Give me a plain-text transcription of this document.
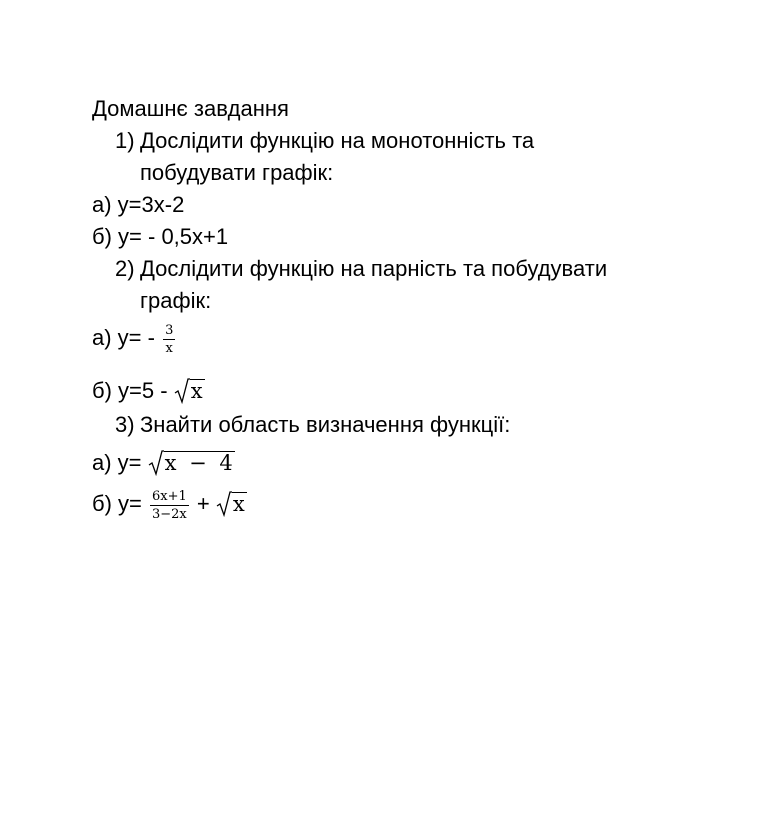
Домашнє завдання
1) Дослідити функцію на монотонність та
побудувати графік:
а) y=3x-2
б) y= - 0,5x+1
2) Дослідити функцію на парність та побудувати
графік:
а) $y= - \frac{3}{x}$
б) y=5 - x
3) Знайти область визначення функції:
а) y= x − 4
б) $y= \frac{6x+1}{3-2x} + x$
